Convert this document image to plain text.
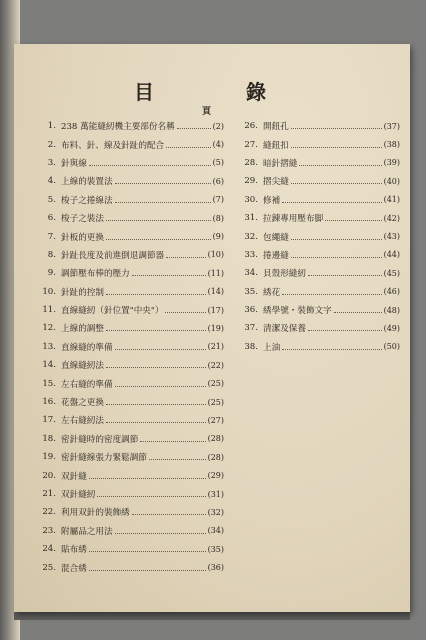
目	錄
頁
1. 238 萬能縫紉機主要部份名稱	(2)
2. 布料、針、線及針趾的配合	(4)
3. 針與線	(5)
4. 上線的裝置法	(6)
5. 梭子之捲線法	(7)
6. 梭子之裝法	(8)
7. 針板的更換	(9)
8. 針趾長度及前進倒退調節器	(10)
9. 調節壓布棒的壓力	(11)
10. 針趾的控制	(14)
11. 直線縫紉（針位置"中央"）	(17)
12. 上線的調整	(19)
13. 直線縫的準備	(21)
14. 直線縫紉法	(22)
15. 左右縫的準備	(25)
16. 花盤之更換	(25)
17. 左右縫紉法	(27)
18. 密針縫時的密度調節	(28)
19. 密針縫線張力緊鬆調節	(28)
20. 双針縫	(29)
21. 双針縫紉	(31)
22. 利用双針的裝飾綉	(32)
23. 附屬品之用法	(34)
24. 貼布綉	(35)
25. 混合綉	(36)
26. 開鈕孔	(37)
27. 縫鈕扣	(38)
28. 暗針摺縫	(39)
29. 摺尖縫	(40)
30. 修補	(41)
31. 拉鍊專用壓布脚	(42)
32. 包繩縫	(43)
33. 捲邊縫	(44)
34. 貝殼形縫紉	(45)
35. 綉花	(46)
36. 綉學號・裝飾文字	(48)
37. 清潔及保養	(49)
38. 上油	(50)
